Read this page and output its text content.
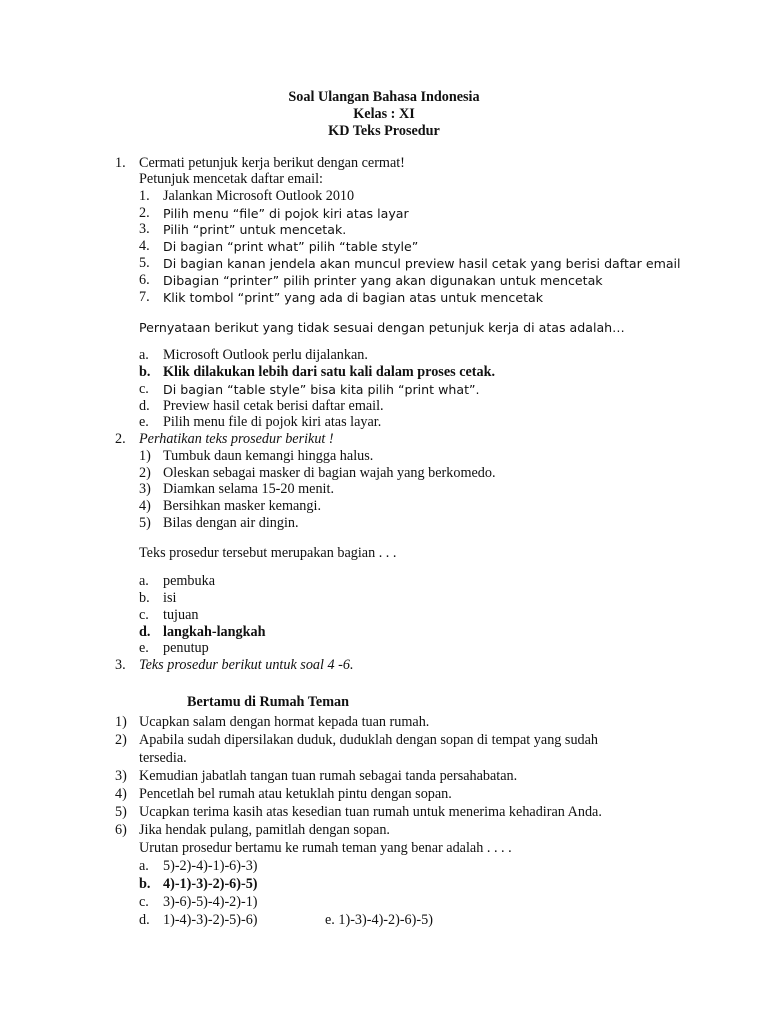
Soal Ulangan Bahasa Indonesia
Kelas : XI
KD Teks Prosedur
1. Cermati petunjuk kerja berikut dengan cermat!
Petunjuk mencetak daftar email:
1. Jalankan Microsoft Outlook 2010
2. Pilih menu “file” di pojok kiri atas layar
3. Pilih “print” untuk mencetak.
4. Di bagian “print what” pilih “table style”
5. Di bagian kanan jendela akan muncul preview hasil cetak yang berisi daftar email
6. Dibagian “printer” pilih printer yang akan digunakan untuk mencetak
7. Klik tombol “print” yang ada di bagian atas untuk mencetak
Pernyataan berikut yang tidak sesuai dengan petunjuk kerja di atas adalah…
a. Microsoft Outlook perlu dijalankan.
b. Klik dilakukan lebih dari satu kali dalam proses cetak.
c. Di bagian “table style” bisa kita pilih “print what”.
d. Preview hasil cetak berisi daftar email.
e. Pilih menu file di pojok kiri atas layar.
2. Perhatikan teks prosedur berikut !
1) Tumbuk daun kemangi hingga halus.
2) Oleskan sebagai masker di bagian wajah yang berkomedo.
3) Diamkan selama 15-20 menit.
4) Bersihkan masker kemangi.
5) Bilas dengan air dingin.
Teks prosedur tersebut merupakan bagian . . .
a. pembuka
b. isi
c. tujuan
d. langkah-langkah
e. penutup
3. Teks prosedur berikut untuk soal 4 -6.
Bertamu di Rumah Teman
1) Ucapkan salam dengan hormat kepada tuan rumah.
2) Apabila sudah dipersilakan duduk, duduklah dengan sopan di tempat yang sudah
tersedia.
3) Kemudian jabatlah tangan tuan rumah sebagai tanda persahabatan.
4) Pencetlah bel rumah atau ketuklah pintu dengan sopan.
5) Ucapkan terima kasih atas kesedian tuan rumah untuk menerima kehadiran Anda.
6) Jika hendak pulang, pamitlah dengan sopan.
Urutan prosedur bertamu ke rumah teman yang benar adalah . . . .
a. 5)-2)-4)-1)-6)-3)
b. 4)-1)-3)-2)-6)-5)
c. 3)-6)-5)-4)-2)-1)
d. 1)-4)-3)-2)-5)-6)	e. 1)-3)-4)-2)-6)-5)
